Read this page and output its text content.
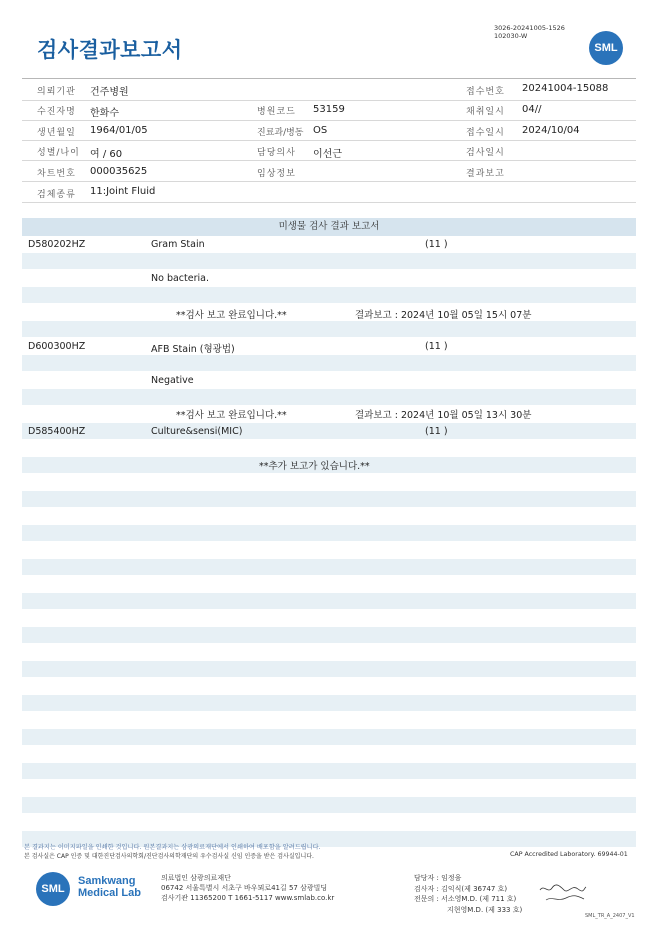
검사결과보고서
3026-20241005-1526
102030-W
SML
의뢰기관 건주병원	접수번호 20241004-15088
수진자명 한화수	병원코드 53159	채취일시 04//
생년월일 1964/01/05	진료과/병동 OS	접수일시 2024/10/04
성별/나이 여 / 60	담당의사 이선근	검사일시
차트번호 000035625	임상정보	결과보고
검체종류 11:Joint Fluid
미생물 검사 결과 보고서
D580202HZ	Gram Stain	(11 )
No bacteria.
**검사 보고 완료입니다.**	결과보고 : 2024년 10월 05일 15시 07분
D600300HZ	AFB Stain (형광법)	(11 )
Negative
**검사 보고 완료입니다.**	결과보고 : 2024년 10월 05일 13시 30분
D585400HZ	Culture&sensi(MIC)	(11 )
**추가 보고가 있습니다.**
본 결과지는 이미지파일을 인쇄한 것입니다. 원본결과지는 삼광의료재단에서 인쇄하여 배포함을 알려드립니다.
본 검사실은 CAP 인증 및 대한진단검사의학회/진단검사의학재단의 우수검사실 신임 인증을 받은 검사실입니다.	CAP Accredited Laboratory. 69944-01
SML
Samkwang
Medical Lab
의료법인 삼광의료재단
06742 서울특별시 서초구 바우뫼로41길 57 삼광빌딩
검사기관 11365200 T 1661-5117 www.smlab.co.kr
담당자 : 임정융
검사자 : 김익식(제 36747 호)
전문의 : 서소영M.D. (제 711 호)
지현영M.D. (제 333 호)
SML_TR_A_2407_V1
